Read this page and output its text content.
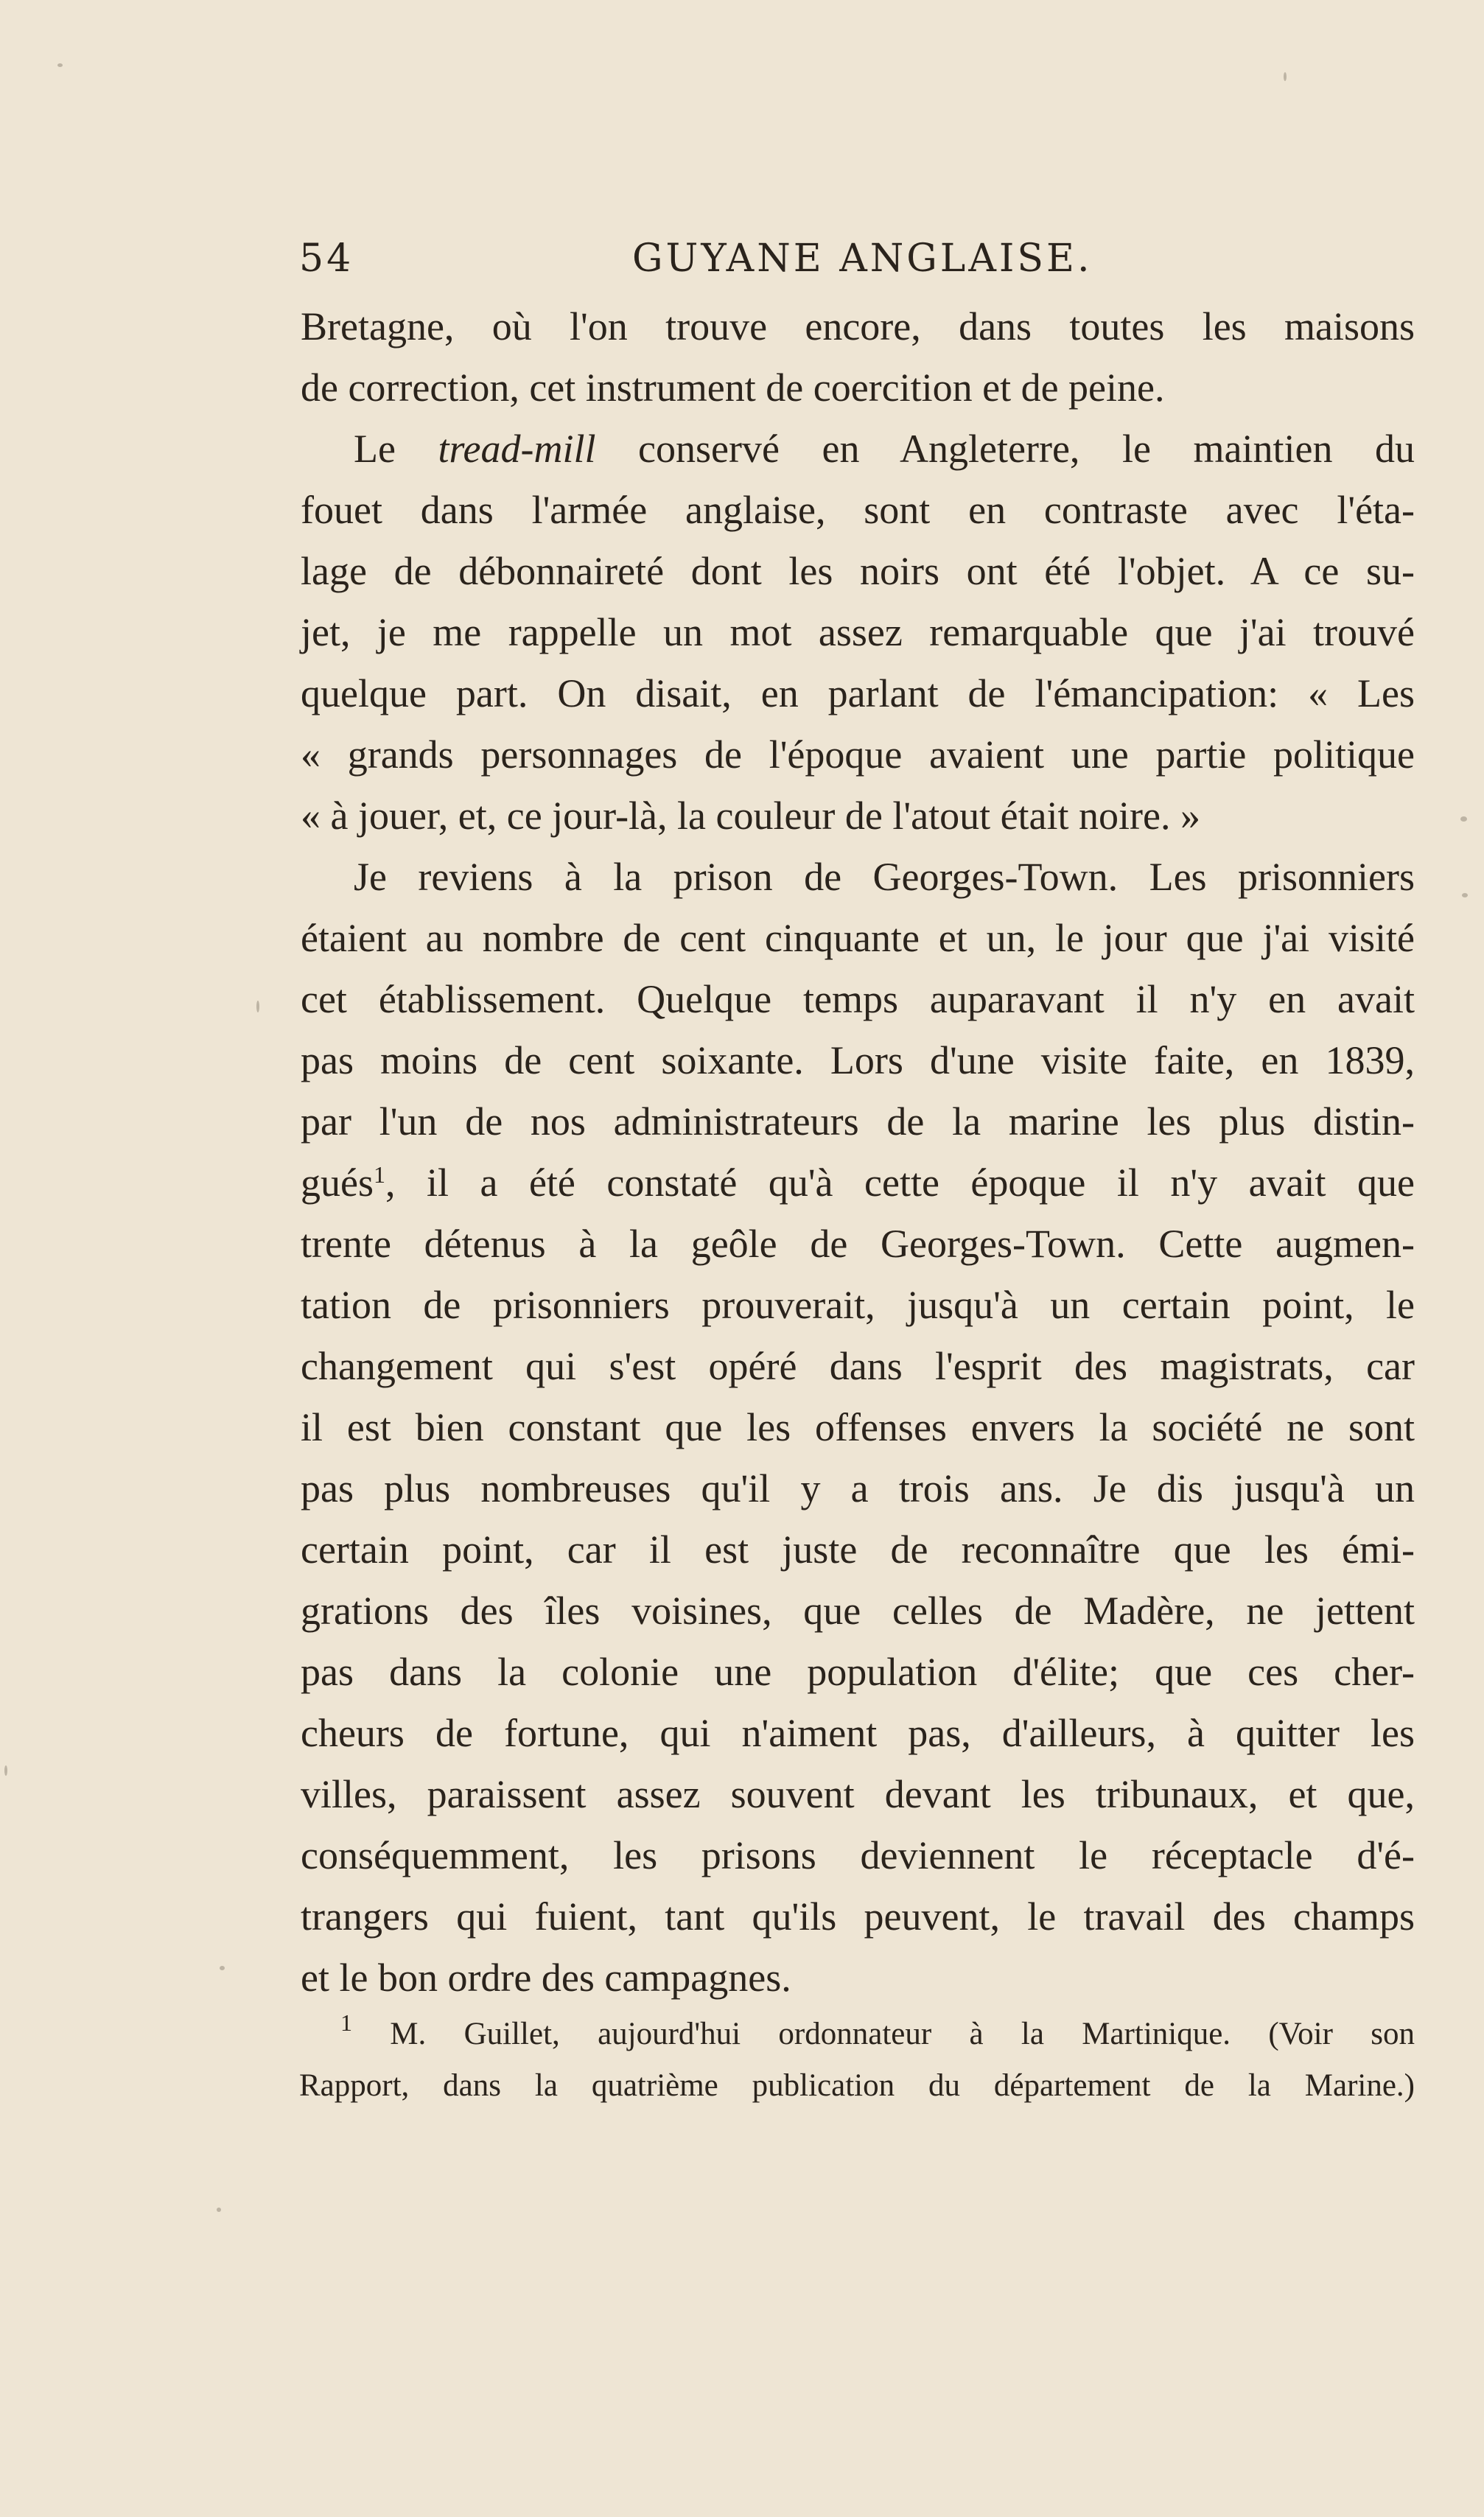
54	GUYANE ANGLAISE.
Bretagne, où l'on trouve encore, dans toutes les maisons
de correction, cet instrument de coercition et de peine.
Le tread-mill conservé en Angleterre, le maintien du
fouet dans l'armée anglaise, sont en contraste avec l'éta-
lage de débonnaireté dont les noirs ont été l'objet. A ce su-
jet, je me rappelle un mot assez remarquable que j'ai trouvé
quelque part. On disait, en parlant de l'émancipation: « Les
« grands personnages de l'époque avaient une partie politique
« à jouer, et, ce jour-là, la couleur de l'atout était noire. »
Je reviens à la prison de Georges-Town. Les prisonniers
étaient au nombre de cent cinquante et un, le jour que j'ai visité
cet établissement. Quelque temps auparavant il n'y en avait
pas moins de cent soixante. Lors d'une visite faite, en 1839,
par l'un de nos administrateurs de la marine les plus distin-
gués$^1$, il a été constaté qu'à cette époque il n'y avait que
trente détenus à la geôle de Georges-Town. Cette augmen-
tation de prisonniers prouverait, jusqu'à un certain point, le
changement qui s'est opéré dans l'esprit des magistrats, car
il est bien constant que les offenses envers la société ne sont
pas plus nombreuses qu'il y a trois ans. Je dis jusqu'à un
certain point, car il est juste de reconnaître que les émi-
grations des îles voisines, que celles de Madère, ne jettent
pas dans la colonie une population d'élite; que ces cher-
cheurs de fortune, qui n'aiment pas, d'ailleurs, à quitter les
villes, paraissent assez souvent devant les tribunaux, et que,
conséquemment, les prisons deviennent le réceptacle d'é-
trangers qui fuient, tant qu'ils peuvent, le travail des champs
et le bon ordre des campagnes.
$^1$ M. Guillet, aujourd'hui ordonnateur à la Martinique. (Voir son
Rapport, dans la quatrième publication du département de la Marine.)
